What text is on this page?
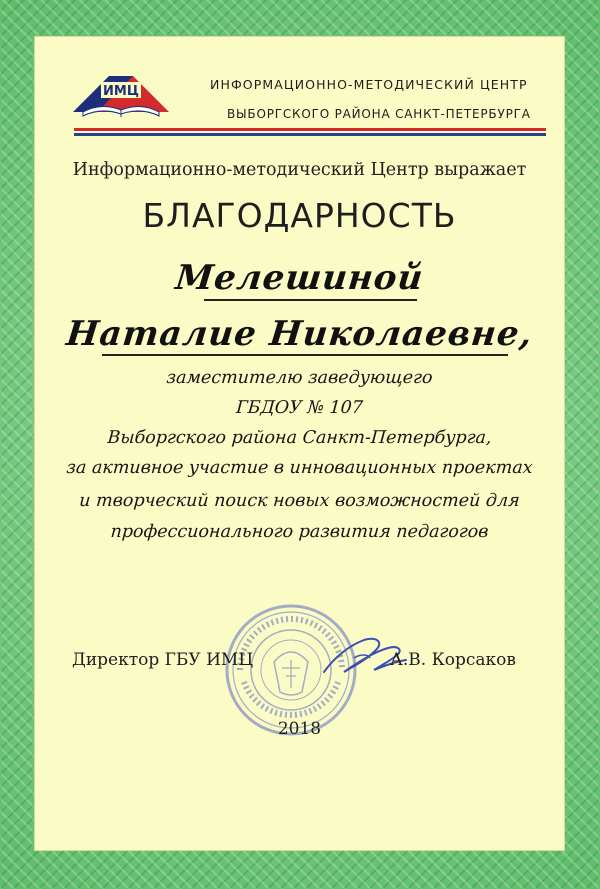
ИМЦ	ИНФОРМАЦИОННО-МЕТОДИЧЕСКИЙ ЦЕНТР
ВЫБОРГСКОГО РАЙОНА САНКТ-ПЕТЕРБУРГА
Информационно-методический Центр выражает
БЛАГОДАРНОСТЬ
Мелешиной
Наталие Николаевне,
заместителю заведующего
ГБДОУ № 107
Выборгского района Санкт-Петербурга,
за активное участие в инновационных проектах
и творческий поиск новых возможностей для
профессионального развития педагогов
Директор ГБУ ИМЦ	А.В. Корсаков
2018
